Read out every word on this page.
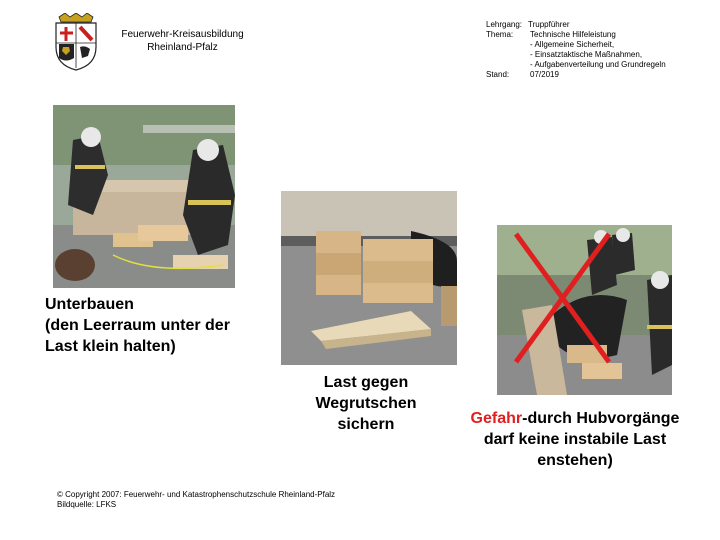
Feuerwehr-Kreisausbildung
Rheinland-Pfalz
Lehrgang: Truppführer
Thema: Technische Hilfeleistung
- Allgemeine Sicherheit,
- Einsatztaktische Maßnahmen,
- Aufgabenverteilung und Grundregeln
Stand:	07/2019
Unterbauen
(den Leerraum unter der
Last klein halten)
Last gegen
Wegrutschen
sichern	Gefahr-durch Hubvorgänge
darf keine instabile Last
enstehen)
© Copyright 2007: Feuerwehr- und Katastrophenschutzschule Rheinland-Pfalz
Bildquelle: LFKS
